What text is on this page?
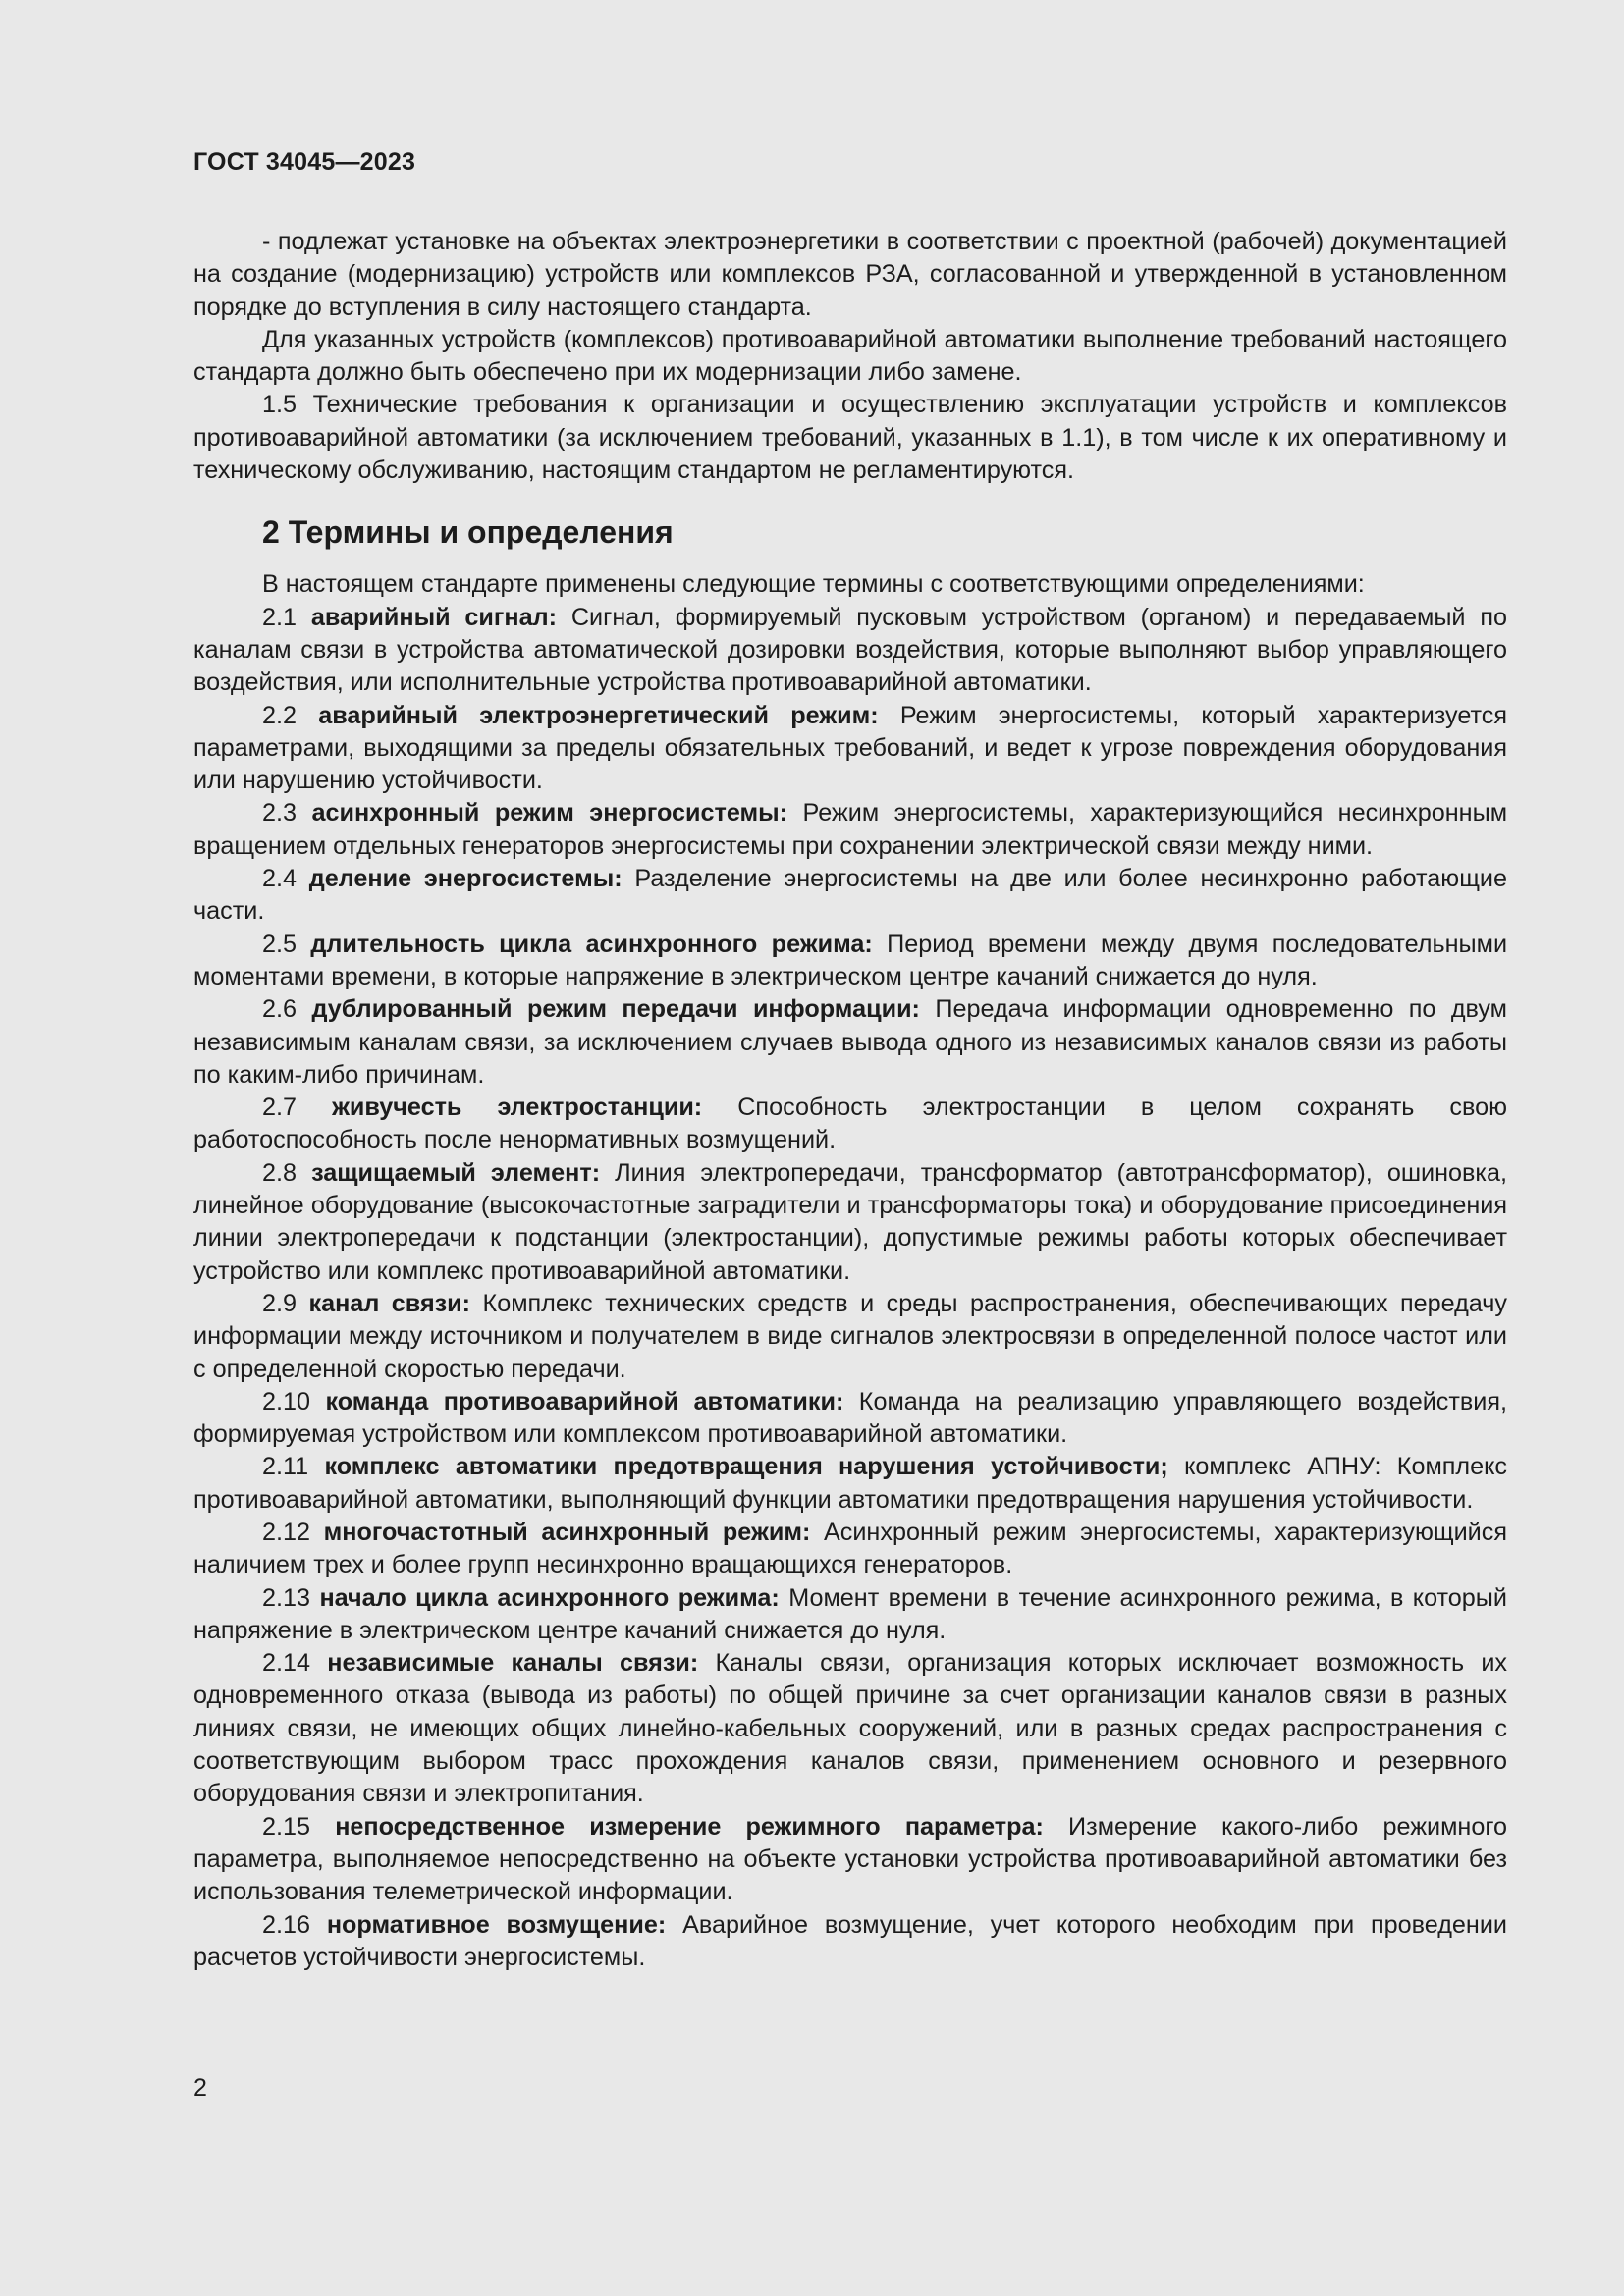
ГОСТ 34045—2023

- подлежат установке на объектах электроэнергетики в соответствии с проектной (рабочей) документацией на создание (модернизацию) устройств или комплексов РЗА, согласованной и утвержденной в установленном порядке до вступления в силу настоящего стандарта.

Для указанных устройств (комплексов) противоаварийной автоматики выполнение требований настоящего стандарта должно быть обеспечено при их модернизации либо замене.

1.5 Технические требования к организации и осуществлению эксплуатации устройств и комплексов противоаварийной автоматики (за исключением требований, указанных в 1.1), в том числе к их оперативному и техническому обслуживанию, настоящим стандартом не регламентируются.

2 Термины и определения

В настоящем стандарте применены следующие термины с соответствующими определениями:

2.1 аварийный сигнал: Сигнал, формируемый пусковым устройством (органом) и передаваемый по каналам связи в устройства автоматической дозировки воздействия, которые выполняют выбор управляющего воздействия, или исполнительные устройства противоаварийной автоматики.

2.2 аварийный электроэнергетический режим: Режим энергосистемы, который характеризуется параметрами, выходящими за пределы обязательных требований, и ведет к угрозе повреждения оборудования или нарушению устойчивости.

2.3 асинхронный режим энергосистемы: Режим энергосистемы, характеризующийся несинхронным вращением отдельных генераторов энергосистемы при сохранении электрической связи между ними.

2.4 деление энергосистемы: Разделение энергосистемы на две или более несинхронно работающие части.

2.5 длительность цикла асинхронного режима: Период времени между двумя последовательными моментами времени, в которые напряжение в электрическом центре качаний снижается до нуля.

2.6 дублированный режим передачи информации: Передача информации одновременно по двум независимым каналам связи, за исключением случаев вывода одного из независимых каналов связи из работы по каким-либо причинам.

2.7 живучесть электростанции: Способность электростанции в целом сохранять свою работоспособность после ненормативных возмущений.

2.8 защищаемый элемент: Линия электропередачи, трансформатор (автотрансформатор), ошиновка, линейное оборудование (высокочастотные заградители и трансформаторы тока) и оборудование присоединения линии электропередачи к подстанции (электростанции), допустимые режимы работы которых обеспечивает устройство или комплекс противоаварийной автоматики.

2.9 канал связи: Комплекс технических средств и среды распространения, обеспечивающих передачу информации между источником и получателем в виде сигналов электросвязи в определенной полосе частот или с определенной скоростью передачи.

2.10 команда противоаварийной автоматики: Команда на реализацию управляющего воздействия, формируемая устройством или комплексом противоаварийной автоматики.

2.11 комплекс автоматики предотвращения нарушения устойчивости; комплекс АПНУ: Комплекс противоаварийной автоматики, выполняющий функции автоматики предотвращения нарушения устойчивости.

2.12 многочастотный асинхронный режим: Асинхронный режим энергосистемы, характеризующийся наличием трех и более групп несинхронно вращающихся генераторов.

2.13 начало цикла асинхронного режима: Момент времени в течение асинхронного режима, в который напряжение в электрическом центре качаний снижается до нуля.

2.14 независимые каналы связи: Каналы связи, организация которых исключает возможность их одновременного отказа (вывода из работы) по общей причине за счет организации каналов связи в разных линиях связи, не имеющих общих линейно-кабельных сооружений, или в разных средах распространения с соответствующим выбором трасс прохождения каналов связи, применением основного и резервного оборудования связи и электропитания.

2.15 непосредственное измерение режимного параметра: Измерение какого-либо режимного параметра, выполняемое непосредственно на объекте установки устройства противоаварийной автоматики без использования телеметрической информации.

2.16 нормативное возмущение: Аварийное возмущение, учет которого необходим при проведении расчетов устойчивости энергосистемы.

2
